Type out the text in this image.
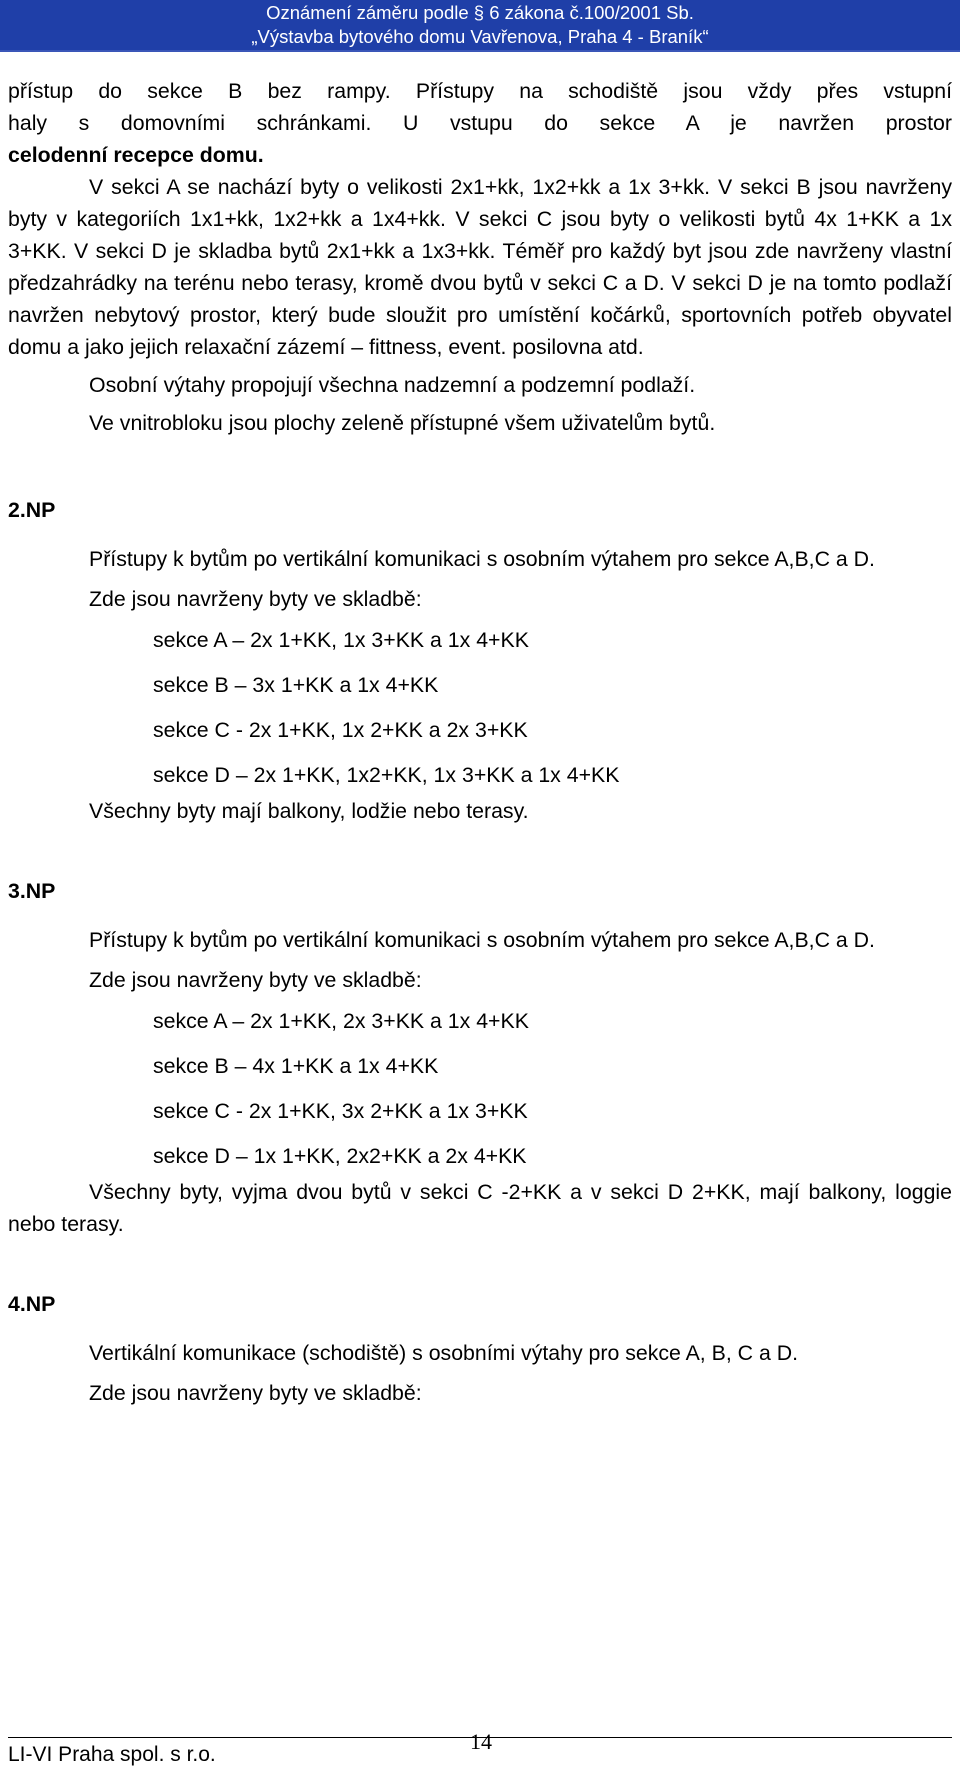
Oznámení záměru podle § 6 zákona č.100/2001 Sb.
„Výstavba bytového domu Vavřenova, Praha 4 - Braník“

přístup do sekce B bez rampy. Přístupy na schodiště jsou vždy přes vstupní

haly s domovními schránkami. U vstupu do sekce A je navržen prostor

celodenní recepce domu.

V sekci A se nachází byty o velikosti 2x1+kk, 1x2+kk a 1x 3+kk. V sekci B jsou navrženy byty v kategoriích 1x1+kk, 1x2+kk a 1x4+kk. V sekci C jsou byty o velikosti bytů 4x 1+KK a 1x 3+KK. V sekci D je skladba bytů 2x1+kk a 1x3+kk. Téměř pro každý byt jsou zde navrženy vlastní předzahrádky na terénu nebo terasy, kromě dvou bytů v sekci C a D. V sekci D je na tomto podlaží navržen nebytový prostor, který bude sloužit pro umístění kočárků, sportovních potřeb obyvatel domu a jako jejich relaxační zázemí – fittness, event. posilovna atd.

Osobní výtahy propojují všechna nadzemní a podzemní podlaží.

Ve vnitrobloku jsou plochy zeleně přístupné všem uživatelům bytů.

2.NP

Přístupy k bytům po vertikální komunikaci s osobním výtahem pro sekce A,B,C a D.

Zde jsou navrženy byty ve skladbě:

sekce A – 2x 1+KK, 1x 3+KK a 1x 4+KK
sekce B – 3x 1+KK a 1x 4+KK
sekce C - 2x 1+KK, 1x 2+KK a 2x 3+KK
sekce D – 2x 1+KK, 1x2+KK, 1x 3+KK a 1x 4+KK

Všechny byty mají balkony, lodžie nebo terasy.

3.NP

Přístupy k bytům po vertikální komunikaci s osobním výtahem pro sekce A,B,C a D.

Zde jsou navrženy byty ve skladbě:

sekce A – 2x 1+KK, 2x 3+KK a 1x 4+KK
sekce B – 4x 1+KK a 1x 4+KK
sekce C - 2x 1+KK, 3x 2+KK a 1x 3+KK
sekce D – 1x 1+KK, 2x2+KK a 2x 4+KK

Všechny byty, vyjma dvou bytů v sekci C -2+KK a v sekci D 2+KK, mají balkony, loggie nebo terasy.

4.NP

Vertikální komunikace (schodiště) s osobními výtahy pro sekce A, B, C a D.

Zde jsou navrženy byty ve skladbě:

LI-VI Praha spol. s r.o.
14
